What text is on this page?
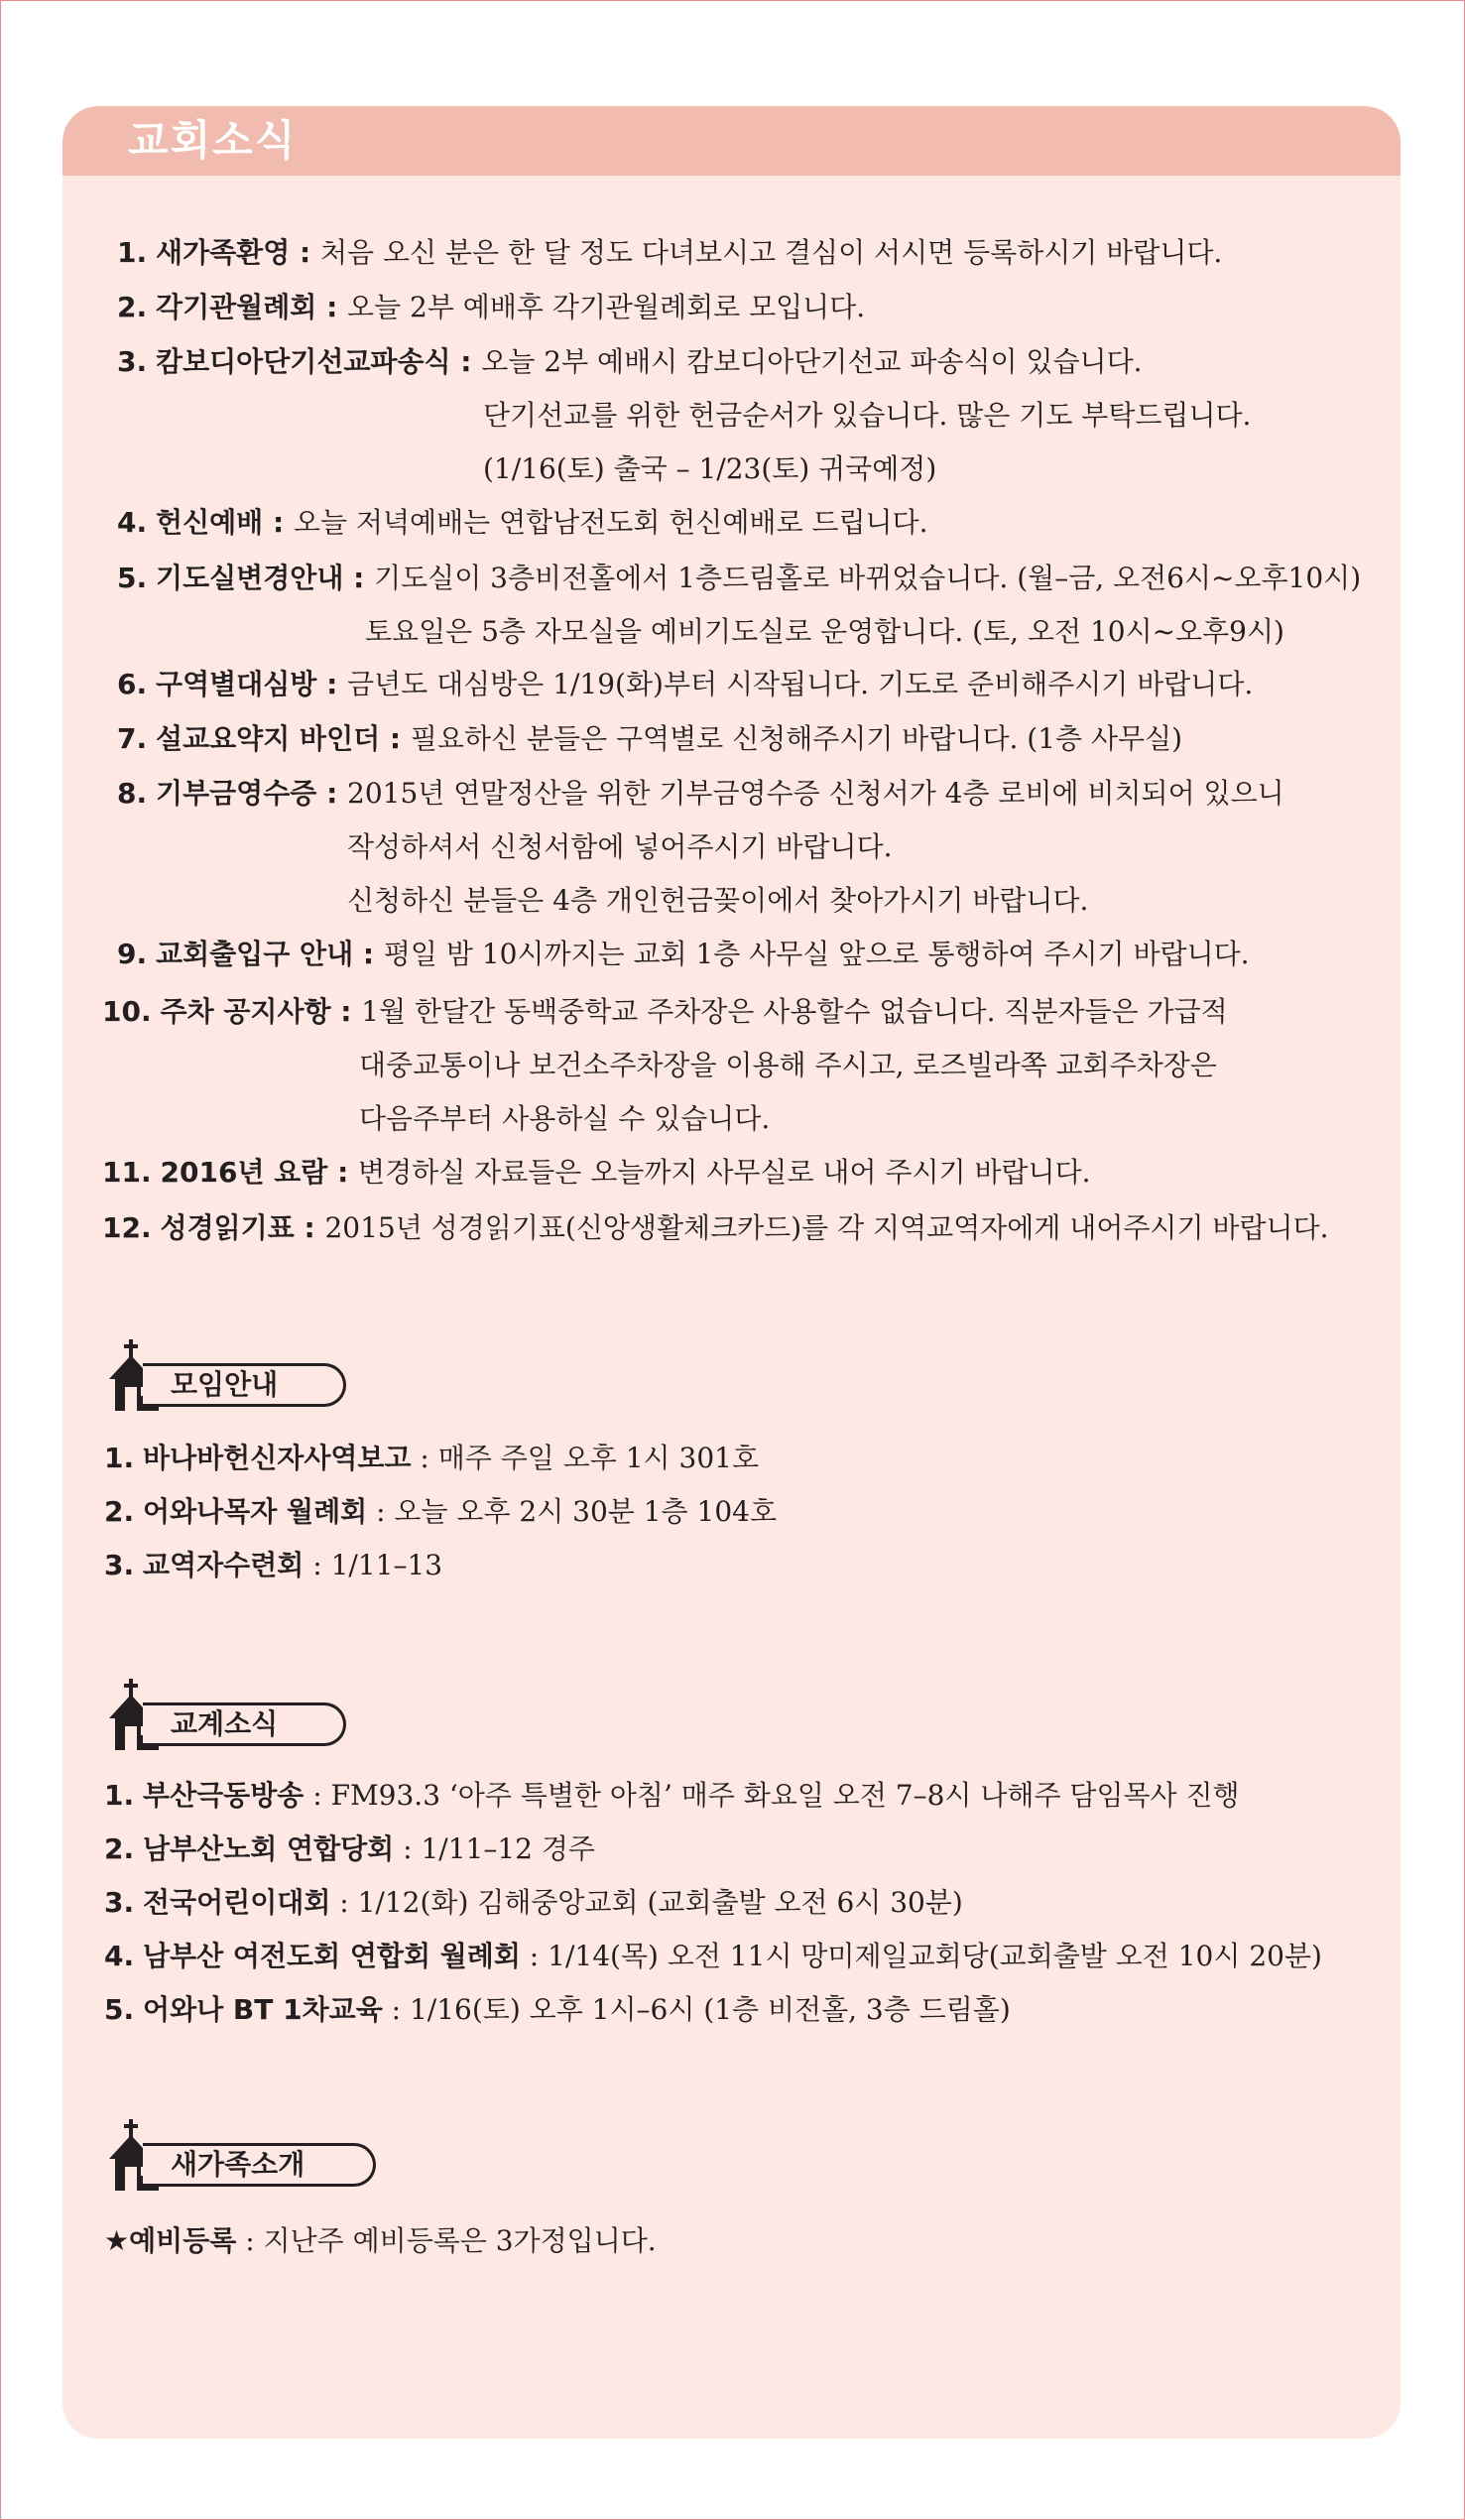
교회소식
1. 새가족환영 : 처음 오신 분은 한 달 정도 다녀보시고 결심이 서시면 등록하시기 바랍니다.
2. 각기관월례회 : 오늘 2부 예배후 각기관월례회로 모입니다.
3. 캄보디아단기선교파송식 : 오늘 2부 예배시 캄보디아단기선교 파송식이 있습니다.
단기선교를 위한 헌금순서가 있습니다. 많은 기도 부탁드립니다.
(1/16(토) 출국 – 1/23(토) 귀국예정)
4. 헌신예배 : 오늘 저녁예배는 연합남전도회 헌신예배로 드립니다.
5. 기도실변경안내 : 기도실이 3층비전홀에서 1층드림홀로 바뀌었습니다. (월–금, 오전6시~오후10시)
토요일은 5층 자모실을 예비기도실로 운영합니다. (토, 오전 10시~오후9시)
6. 구역별대심방 : 금년도 대심방은 1/19(화)부터 시작됩니다. 기도로 준비해주시기 바랍니다.
7. 설교요약지 바인더 : 필요하신 분들은 구역별로 신청해주시기 바랍니다. (1층 사무실)
8. 기부금영수증 : 2015년 연말정산을 위한 기부금영수증 신청서가 4층 로비에 비치되어 있으니
작성하셔서 신청서함에 넣어주시기 바랍니다.
신청하신 분들은 4층 개인헌금꽂이에서 찾아가시기 바랍니다.
9. 교회출입구 안내 : 평일 밤 10시까지는 교회 1층 사무실 앞으로 통행하여 주시기 바랍니다.
10. 주차 공지사항 : 1월 한달간 동백중학교 주차장은 사용할수 없습니다. 직분자들은 가급적
대중교통이나 보건소주차장을 이용해 주시고, 로즈빌라쪽 교회주차장은
다음주부터 사용하실 수 있습니다.
11. 2016년 요람 : 변경하실 자료들은 오늘까지 사무실로 내어 주시기 바랍니다.
12. 성경읽기표 : 2015년 성경읽기표(신앙생활체크카드)를 각 지역교역자에게 내어주시기 바랍니다.
모임안내
1. 바나바헌신자사역보고 : 매주 주일 오후 1시 301호
2. 어와나목자 월례회 : 오늘 오후 2시 30분 1층 104호
3. 교역자수련회 : 1/11–13
교계소식
1. 부산극동방송 : FM93.3 ‘아주 특별한 아침’ 매주 화요일 오전 7–8시 나해주 담임목사 진행
2. 남부산노회 연합당회 : 1/11–12 경주
3. 전국어린이대회 : 1/12(화) 김해중앙교회 (교회출발 오전 6시 30분)
4. 남부산 여전도회 연합회 월례회 : 1/14(목) 오전 11시 망미제일교회당(교회출발 오전 10시 20분)
5. 어와나 BT 1차교육 : 1/16(토) 오후 1시–6시 (1층 비전홀, 3층 드림홀)
새가족소개
★예비등록 : 지난주 예비등록은 3가정입니다.
